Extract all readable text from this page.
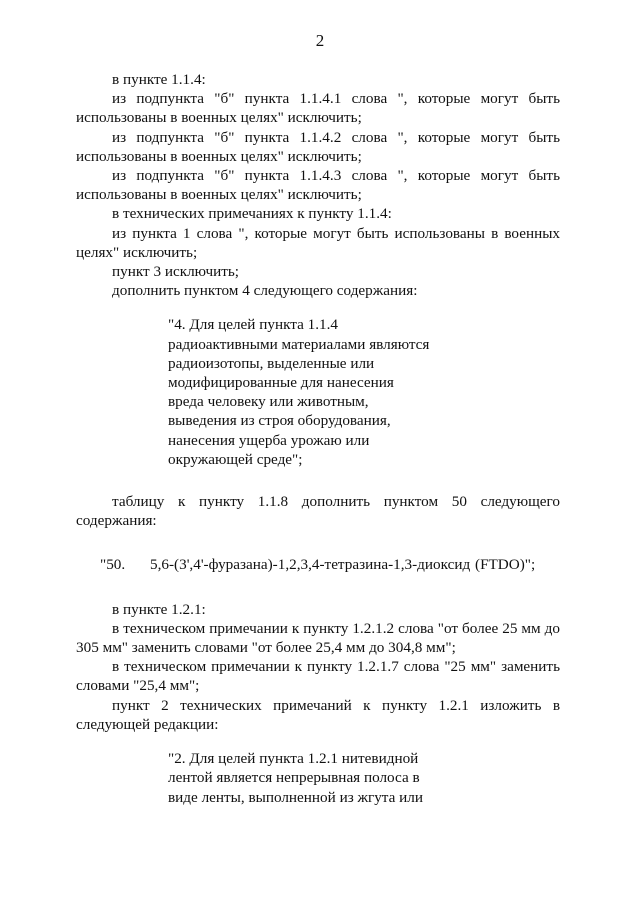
2

в пункте 1.1.4:

из подпункта "б" пункта 1.1.4.1 слова ", которые могут быть использованы в военных целях" исключить;

из подпункта "б" пункта 1.1.4.2 слова ", которые могут быть использованы в военных целях" исключить;

из подпункта "б" пункта 1.1.4.3 слова ", которые могут быть использованы в военных целях" исключить;

в технических примечаниях к пункту 1.1.4:

из пункта 1 слова ", которые могут быть использованы в военных целях" исключить;

пункт 3 исключить;

дополнить пунктом 4 следующего содержания:

"4. Для целей пункта 1.1.4
радиоактивными материалами являются
радиоизотопы, выделенные или
модифицированные для нанесения
вреда человеку или животным,
выведения из строя оборудования,
нанесения ущерба урожаю или
окружающей среде";

таблицу к пункту 1.1.8 дополнить пунктом 50 следующего содержания:

"50. 5,6-(3',4'-фуразана)-1,2,3,4-тетразина-1,3-диоксид (FTDO)";

в пункте 1.2.1:

в техническом примечании к пункту 1.2.1.2 слова "от более 25 мм до 305 мм" заменить словами "от более 25,4 мм до 304,8 мм";

в техническом примечании к пункту 1.2.1.7 слова "25 мм" заменить словами "25,4 мм";

пункт 2 технических примечаний к пункту 1.2.1 изложить в следующей редакции:

"2. Для целей пункта 1.2.1 нитевидной
лентой является непрерывная полоса в
виде ленты, выполненной из жгута или
